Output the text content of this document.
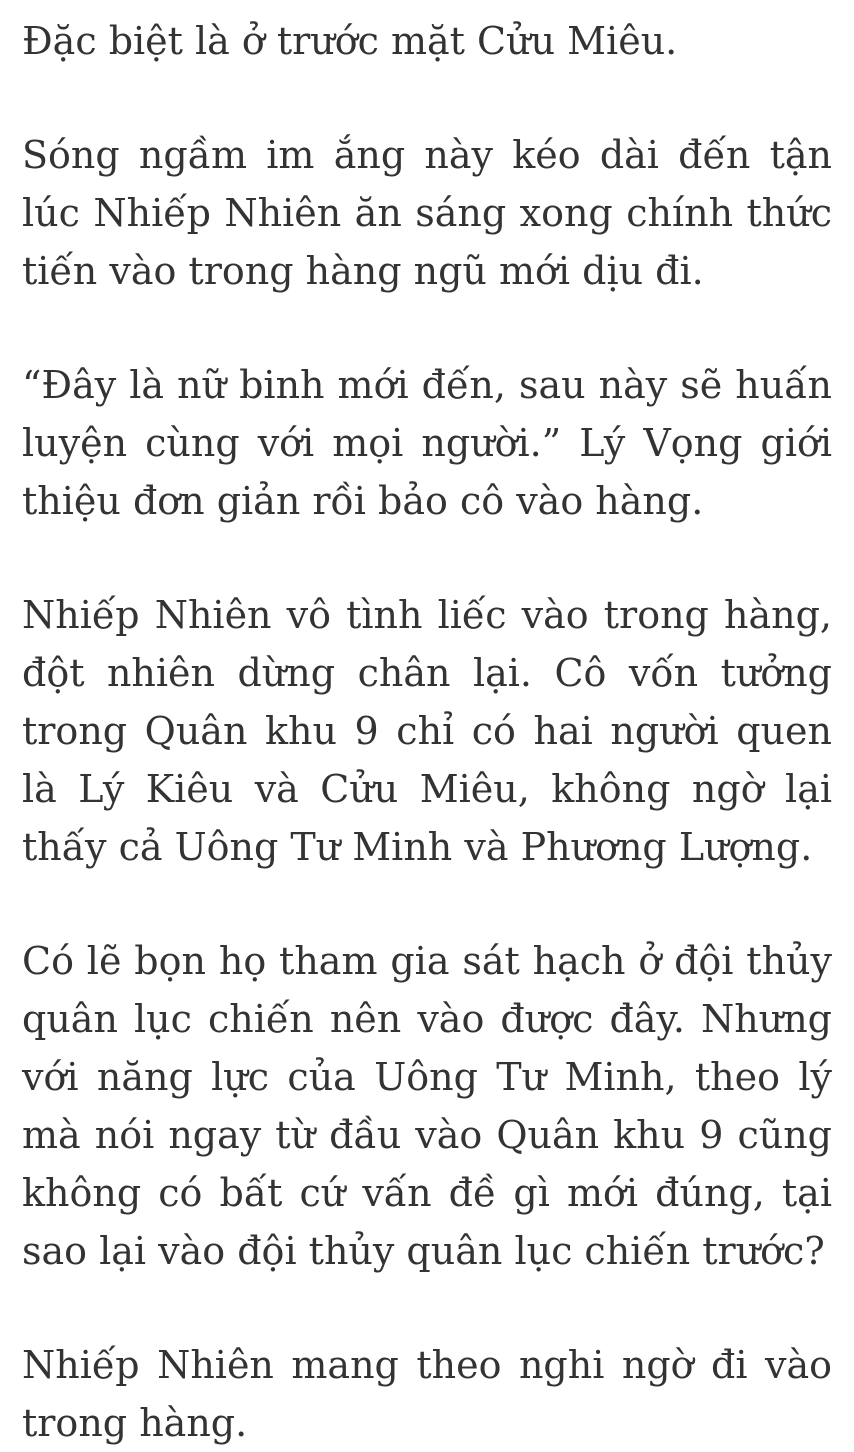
Đặc biệt là ở trước mặt Cửu Miêu.

Sóng ngầm im ắng này kéo dài đến tận lúc Nhiếp Nhiên ăn sáng xong chính thức tiến vào trong hàng ngũ mới dịu đi.

“Đây là nữ binh mới đến, sau này sẽ huấn luyện cùng với mọi người.” Lý Vọng giới thiệu đơn giản rồi bảo cô vào hàng.

Nhiếp Nhiên vô tình liếc vào trong hàng, đột nhiên dừng chân lại. Cô vốn tưởng trong Quân khu 9 chỉ có hai người quen là Lý Kiêu và Cửu Miêu, không ngờ lại thấy cả Uông Tư Minh và Phương Lượng.

Có lẽ bọn họ tham gia sát hạch ở đội thủy quân lục chiến nên vào được đây. Nhưng với năng lực của Uông Tư Minh, theo lý mà nói ngay từ đầu vào Quân khu 9 cũng không có bất cứ vấn đề gì mới đúng, tại sao lại vào đội thủy quân lục chiến trước?

Nhiếp Nhiên mang theo nghi ngờ đi vào trong hàng.
